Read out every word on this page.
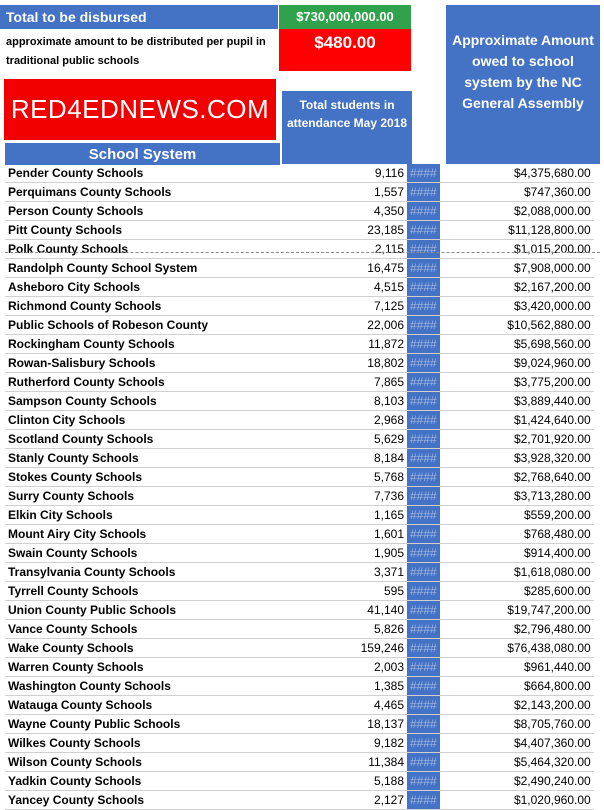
Total to be disbursed	$730,000,000.00
approximate amount to be distributed per pupil in traditional public schools
$480.00
RED4EDNEWS.COM	Total students in attendance May 2018
Approximate Amount owed to school system by the NC General Assembly
School System
Pender County Schools	9,116	####	$4,375,680.00
Perquimans County Schools	1,557	####	$747,360.00
Person County Schools	4,350	####	$2,088,000.00
Pitt County Schools	23,185	####	$11,128,800.00
Polk County Schools	2,115	####	$1,015,200.00
Randolph County School System	16,475	####	$7,908,000.00
Asheboro City Schools	4,515	####	$2,167,200.00
Richmond County Schools	7,125	####	$3,420,000.00
Public Schools of Robeson County	22,006	####	$10,562,880.00
Rockingham County Schools	11,872	####	$5,698,560.00
Rowan-Salisbury Schools	18,802	####	$9,024,960.00
Rutherford County Schools	7,865	####	$3,775,200.00
Sampson County Schools	8,103	####	$3,889,440.00
Clinton City Schools	2,968	####	$1,424,640.00
Scotland County Schools	5,629	####	$2,701,920.00
Stanly County Schools	8,184	####	$3,928,320.00
Stokes County Schools	5,768	####	$2,768,640.00
Surry County Schools	7,736	####	$3,713,280.00
Elkin City Schools	1,165	####	$559,200.00
Mount Airy City Schools	1,601	####	$768,480.00
Swain County Schools	1,905	####	$914,400.00
Transylvania County Schools	3,371	####	$1,618,080.00
Tyrrell County Schools	595	####	$285,600.00
Union County Public Schools	41,140	####	$19,747,200.00
Vance County Schools	5,826	####	$2,796,480.00
Wake County Schools	159,246	####	$76,438,080.00
Warren County Schools	2,003	####	$961,440.00
Washington County Schools	1,385	####	$664,800.00
Watauga County Schools	4,465	####	$2,143,200.00
Wayne County Public Schools	18,137	####	$8,705,760.00
Wilkes County Schools	9,182	####	$4,407,360.00
Wilson County Schools	11,384	####	$5,464,320.00
Yadkin County Schools	5,188	####	$2,490,240.00
Yancey County Schools	2,127	####	$1,020,960.00
